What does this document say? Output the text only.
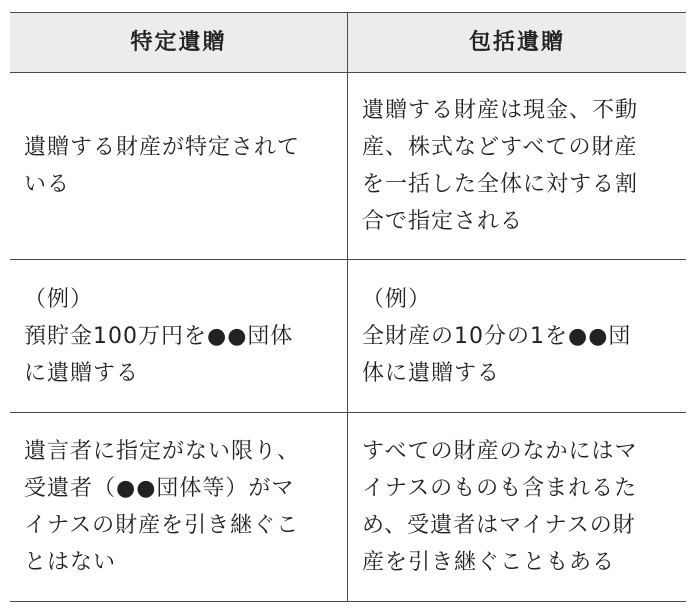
特定遺贈	包括遺贈
遺贈する財産が特定されて
いる
遺贈する財産は現金、不動
産、株式などすべての財産
を一括した全体に対する割
合で指定される
（例）
預貯金100万円を●●団体
に遺贈する
（例）
全財産の10分の1を●●団
体に遺贈する
遺言者に指定がない限り、
受遺者（●●団体等）がマ
イナスの財産を引き継ぐこ
とはない
すべての財産のなかにはマ
イナスのものも含まれるた
め、受遺者はマイナスの財
産を引き継ぐこともある
